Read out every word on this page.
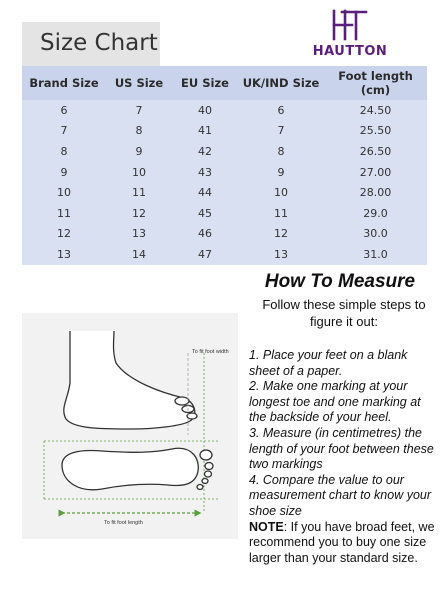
Size Chart	HAUTTON
Brand Size	US Size	EU Size	UK/IND Size	Foot length (cm)
6	7	40	6	24.50
7	8	41	7	25.50
8	9	42	8	26.50
9	10	43	9	27.00
10	11	44	10	28.00
11	12	45	11	29.0
12	13	46	12	30.0
13	14	47	13	31.0
How To Measure
Follow these simple steps to figure it out:

1. Place your feet on a blank sheet of a paper.

2. Make one marking at your longest toe and one marking at the backside of your heel.

3. Measure (in centimetres) the length of your foot between these two markings

4. Compare the value to our measurement chart to know your shoe size

NOTE: If you have broad feet, we recommend you to buy one size larger than your standard size.

To fit foot width
To fit foot length
